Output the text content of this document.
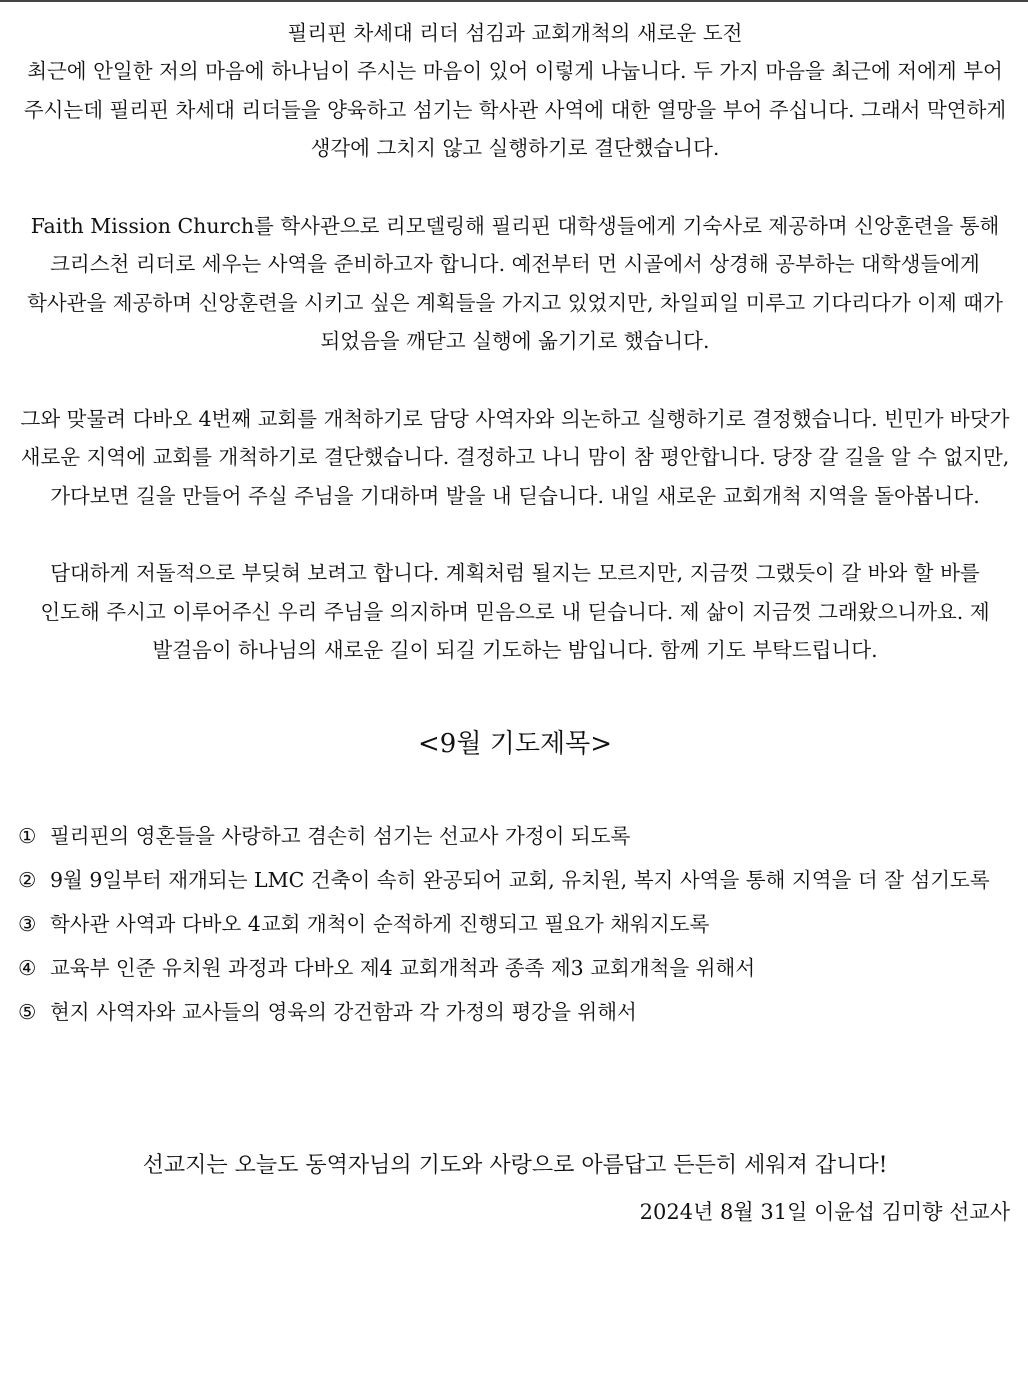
필리핀 차세대 리더 섬김과 교회개척의 새로운 도전

최근에 안일한 저의 마음에 하나님이 주시는 마음이 있어 이렇게 나눕니다. 두 가지 마음을 최근에 저에게 부어 주시는데 필리핀 차세대 리더들을 양육하고 섬기는 학사관 사역에 대한 열망을 부어 주십니다. 그래서 막연하게 생각에 그치지 않고 실행하기로 결단했습니다.

Faith Mission Church를 학사관으로 리모델링해 필리핀 대학생들에게 기숙사로 제공하며 신앙훈련을 통해 크리스천 리더로 세우는 사역을 준비하고자 합니다. 예전부터 먼 시골에서 상경해 공부하는 대학생들에게 학사관을 제공하며 신앙훈련을 시키고 싶은 계획들을 가지고 있었지만, 차일피일 미루고 기다리다가 이제 때가 되었음을 깨닫고 실행에 옮기기로 했습니다.

그와 맞물려 다바오 4번째 교회를 개척하기로 담당 사역자와 의논하고 실행하기로 결정했습니다. 빈민가 바닷가 새로운 지역에 교회를 개척하기로 결단했습니다. 결정하고 나니 맘이 참 평안합니다. 당장 갈 길을 알 수 없지만, 가다보면 길을 만들어 주실 주님을 기대하며 발을 내 딛습니다. 내일 새로운 교회개척 지역을 돌아봅니다.

담대하게 저돌적으로 부딪혀 보려고 합니다. 계획처럼 될지는 모르지만, 지금껏 그랬듯이 갈 바와 할 바를 인도해 주시고 이루어주신 우리 주님을 의지하며 믿음으로 내 딛습니다. 제 삶이 지금껏 그래왔으니까요. 제 발걸음이 하나님의 새로운 길이 되길 기도하는 밤입니다. 함께 기도 부탁드립니다.

<9월 기도제목>

① 필리핀의 영혼들을 사랑하고 겸손히 섬기는 선교사 가정이 되도록
② 9월 9일부터 재개되는 LMC 건축이 속히 완공되어 교회, 유치원, 복지 사역을 통해 지역을 더 잘 섬기도록
③ 학사관 사역과 다바오 4교회 개척이 순적하게 진행되고 필요가 채워지도록
④ 교육부 인준 유치원 과정과 다바오 제4 교회개척과 종족 제3 교회개척을 위해서
⑤ 현지 사역자와 교사들의 영육의 강건함과 각 가정의 평강을 위해서

선교지는 오늘도 동역자님의 기도와 사랑으로 아름답고 든든히 세워져 갑니다!

2024년 8월 31일 이윤섭 김미향 선교사
